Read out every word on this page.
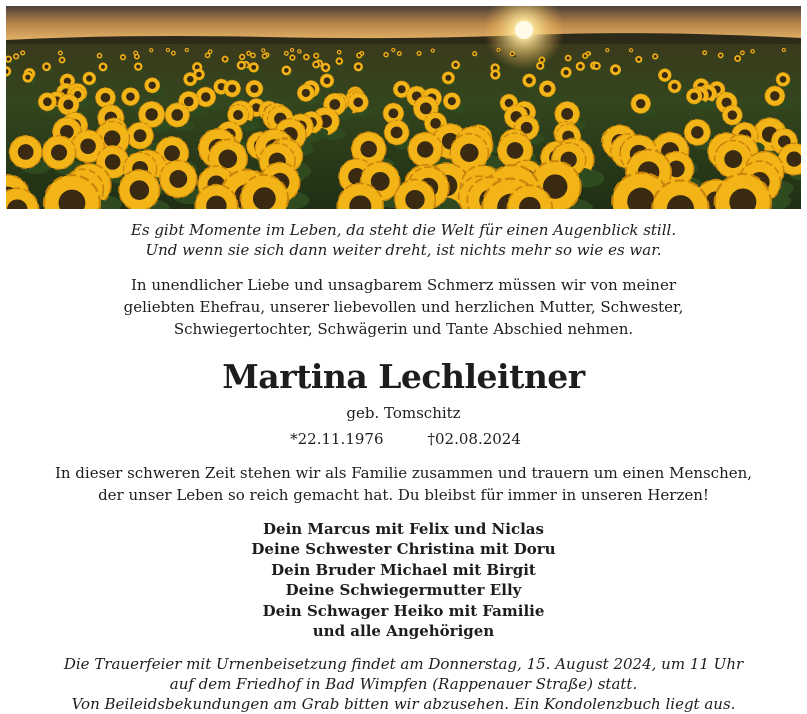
Es gibt Momente im Leben, da steht die Welt für einen Augenblick still.
Und wenn sie sich dann weiter dreht, ist nichts mehr so wie es war.
In unendlicher Liebe und unsagbarem Schmerz müssen wir von meiner
geliebten Ehefrau, unserer liebevollen und herzlichen Mutter, Schwester,
Schwiegertochter, Schwägerin und Tante Abschied nehmen.
Martina Lechleitner
geb. Tomschitz
*22.11.1976	†02.08.2024
In dieser schweren Zeit stehen wir als Familie zusammen und trauern um einen Menschen,
der unser Leben so reich gemacht hat. Du bleibst für immer in unseren Herzen!
Dein Marcus mit Felix und Niclas
Deine Schwester Christina mit Doru
Dein Bruder Michael mit Birgit
Deine Schwiegermutter Elly
Dein Schwager Heiko mit Familie
und alle Angehörigen
Die Trauerfeier mit Urnenbeisetzung findet am Donnerstag, 15. August 2024, um 11 Uhr
auf dem Friedhof in Bad Wimpfen (Rappenauer Straße) statt.
Von Beileidsbekundungen am Grab bitten wir abzusehen. Ein Kondolenzbuch liegt aus.
